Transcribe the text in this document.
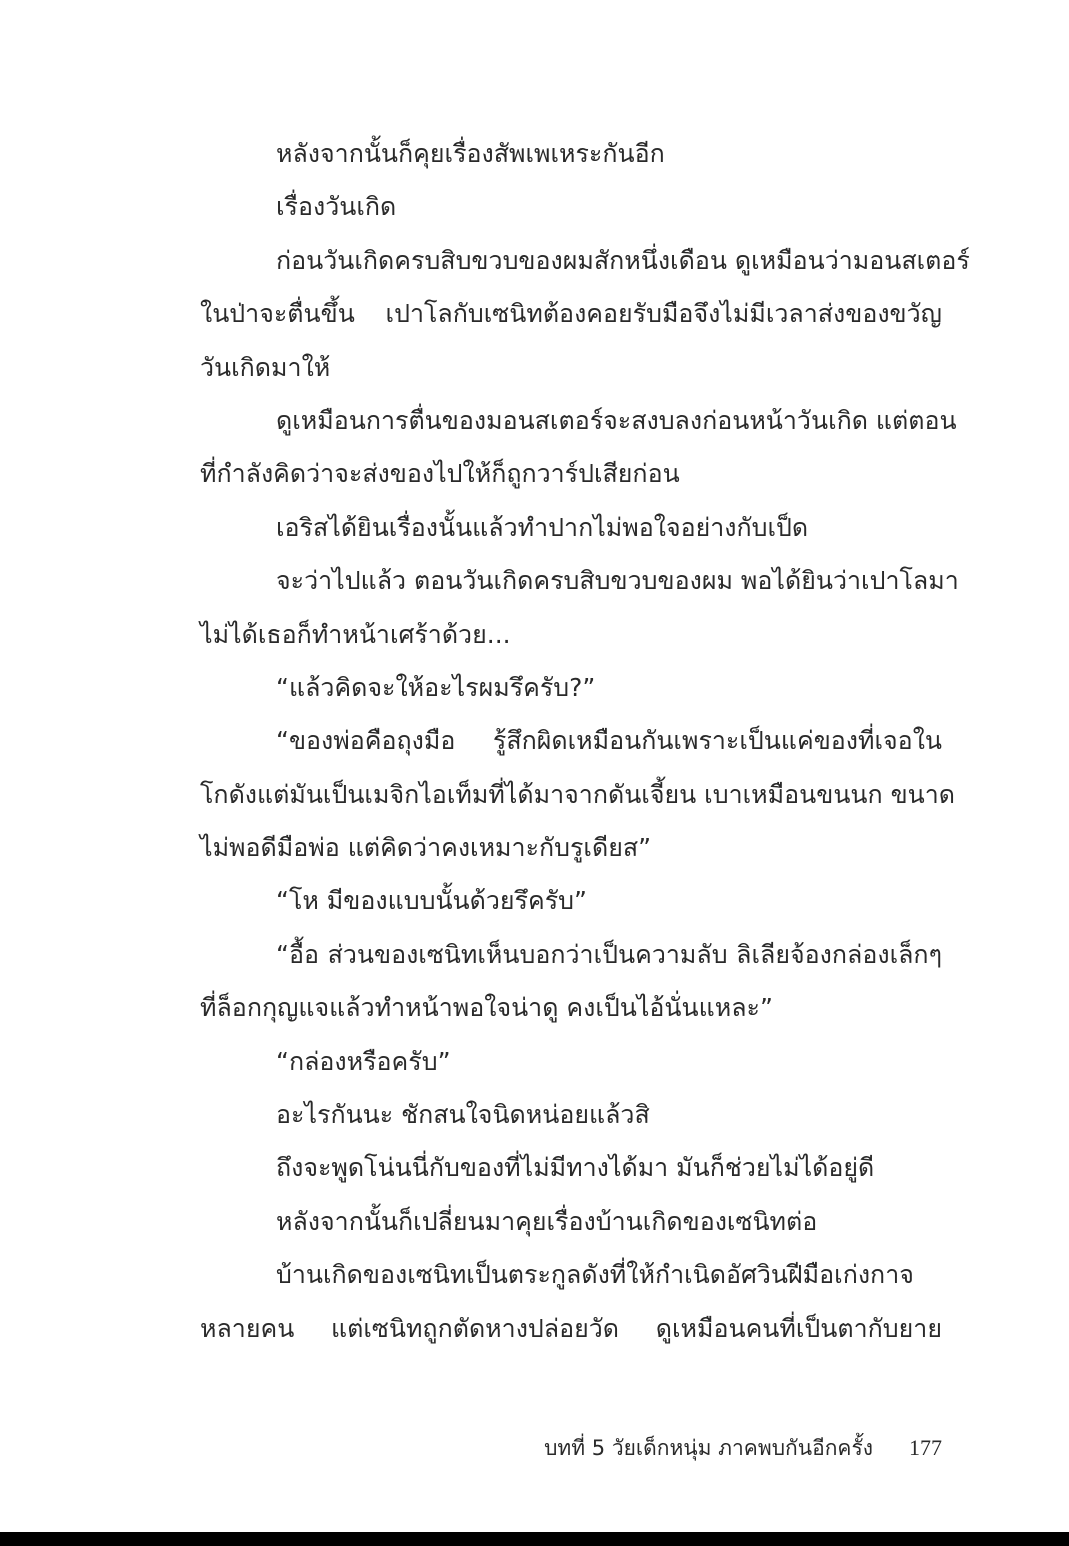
หลังจากนั้นก็คุยเรื่องสัพเพเหระกันอีก
เรื่องวันเกิด
ก่อนวันเกิดครบสิบขวบของผมสักหนึ่งเดือน ดูเหมือนว่ามอนสเตอร์
ในป่าจะตื่นขึ้น เปาโลกับเซนิทต้องคอยรับมือจึงไม่มีเวลาส่งของขวัญ
วันเกิดมาให้
ดูเหมือนการตื่นของมอนสเตอร์จะสงบลงก่อนหน้าวันเกิด แต่ตอน
ที่กำลังคิดว่าจะส่งของไปให้ก็ถูกวาร์ปเสียก่อน
เอริสได้ยินเรื่องนั้นแล้วทำปากไม่พอใจอย่างกับเป็ด
จะว่าไปแล้ว ตอนวันเกิดครบสิบขวบของผม พอได้ยินว่าเปาโลมา
ไม่ได้เธอก็ทำหน้าเศร้าด้วย...
“แล้วคิดจะให้อะไรผมรึครับ?”
“ของพ่อคือถุงมือ รู้สึกผิดเหมือนกันเพราะเป็นแค่ของที่เจอใน
โกดังแต่มันเป็นเมจิกไอเท็มที่ได้มาจากดันเจี้ยน เบาเหมือนขนนก ขนาด
ไม่พอดีมือพ่อ แต่คิดว่าคงเหมาะกับรูเดียส”
“โห มีของแบบนั้นด้วยรึครับ”
“อื้อ ส่วนของเซนิทเห็นบอกว่าเป็นความลับ ลิเลียจ้องกล่องเล็กๆ
ที่ล็อกกุญแจแล้วทำหน้าพอใจน่าดู คงเป็นไอ้นั่นแหละ”
“กล่องหรือครับ”
อะไรกันนะ ชักสนใจนิดหน่อยแล้วสิ
ถึงจะพูดโน่นนี่กับของที่ไม่มีทางได้มา มันก็ช่วยไม่ได้อยู่ดี
หลังจากนั้นก็เปลี่ยนมาคุยเรื่องบ้านเกิดของเซนิทต่อ
บ้านเกิดของเซนิทเป็นตระกูลดังที่ให้กำเนิดอัศวินฝีมือเก่งกาจ
หลายคน แต่เซนิทถูกตัดหางปล่อยวัด ดูเหมือนคนที่เป็นตากับยาย
บทที่ 5 วัยเด็กหนุ่ม ภาคพบกันอีกครั้ง 177
